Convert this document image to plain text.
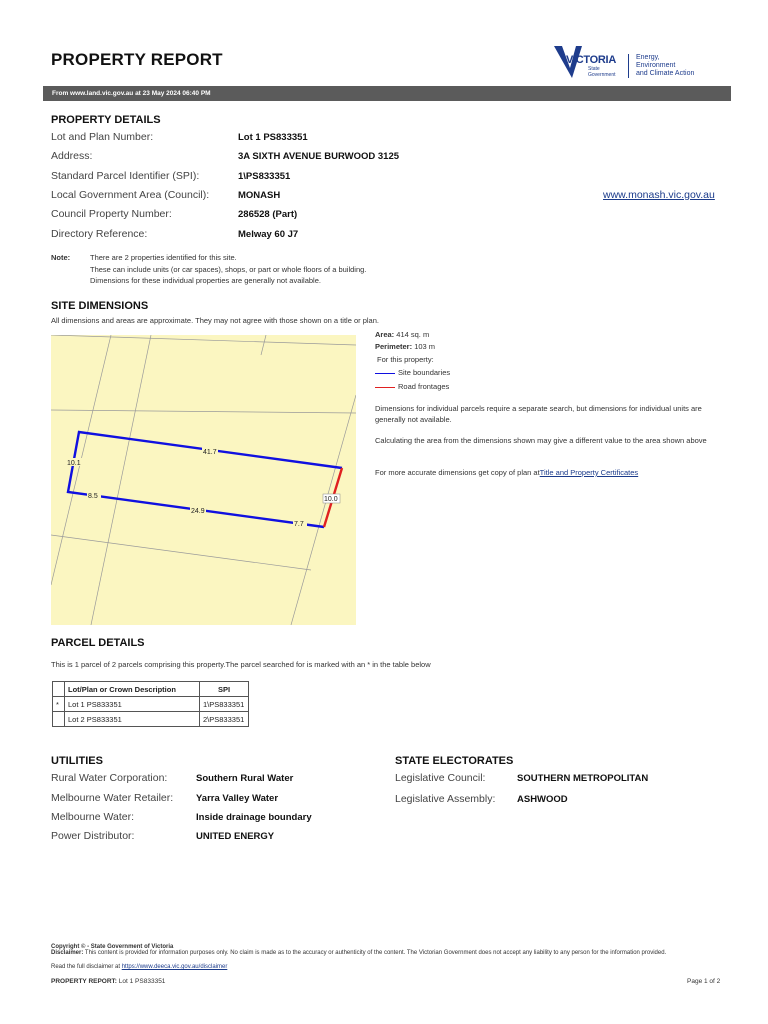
PROPERTY REPORT	VICTORIA
State
Government
Energy,
Environment
and Climate Action
From www.land.vic.gov.au at 23 May 2024 06:40 PM
PROPERTY DETAILS
Lot and Plan Number:	Lot 1 PS833351
Address:	3A SIXTH AVENUE BURWOOD 3125
Standard Parcel Identifier (SPI):	1\PS833351
Local Government Area (Council):	MONASH	www.monash.vic.gov.au
Council Property Number:	286528 (Part)
Directory Reference:	Melway 60 J7
Note:	There are 2 properties identified for this site.
These can include units (or car spaces), shops, or part or whole floors of a building.
Dimensions for these individual properties are generally not available.
SITE DIMENSIONS
All dimensions and areas are approximate. They may not agree with those shown on a title or plan.
41.7
10.1
8.5
24.9
7.7
10.0
Area: 414 sq. m
Perimeter: 103 m
For this property:
Site boundaries
Road frontages
Dimensions for individual parcels require a separate search, but dimensions for individual units are generally not available.
Calculating the area from the dimensions shown may give a different value to the area shown above
For more accurate dimensions get copy of plan atTitle and Property Certificates
PARCEL DETAILS
This is 1 parcel of 2 parcels comprising this property.The parcel searched for is marked with an * in the table below
	Lot/Plan or Crown Description	SPI
*	Lot 1 PS833351	1\PS833351
	Lot 2 PS833351	2\PS833351
UTILITIES
Rural Water Corporation:	Southern Rural Water
Melbourne Water Retailer: Yarra Valley Water
Melbourne Water:	Inside drainage boundary
Power Distributor:	UNITED ENERGY
STATE ELECTORATES
Legislative Council:	SOUTHERN METROPOLITAN
Legislative Assembly: ASHWOOD
Copyright © - State Government of Victoria
Disclaimer: This content is provided for information purposes only. No claim is made as to the accuracy or authenticity of the content. The Victorian Government does not accept any liability to any person for the information provided.
Read the full disclaimer at https://www.deeca.vic.gov.au/disclaimer
PROPERTY REPORT: Lot 1 PS833351	Page 1 of 2
